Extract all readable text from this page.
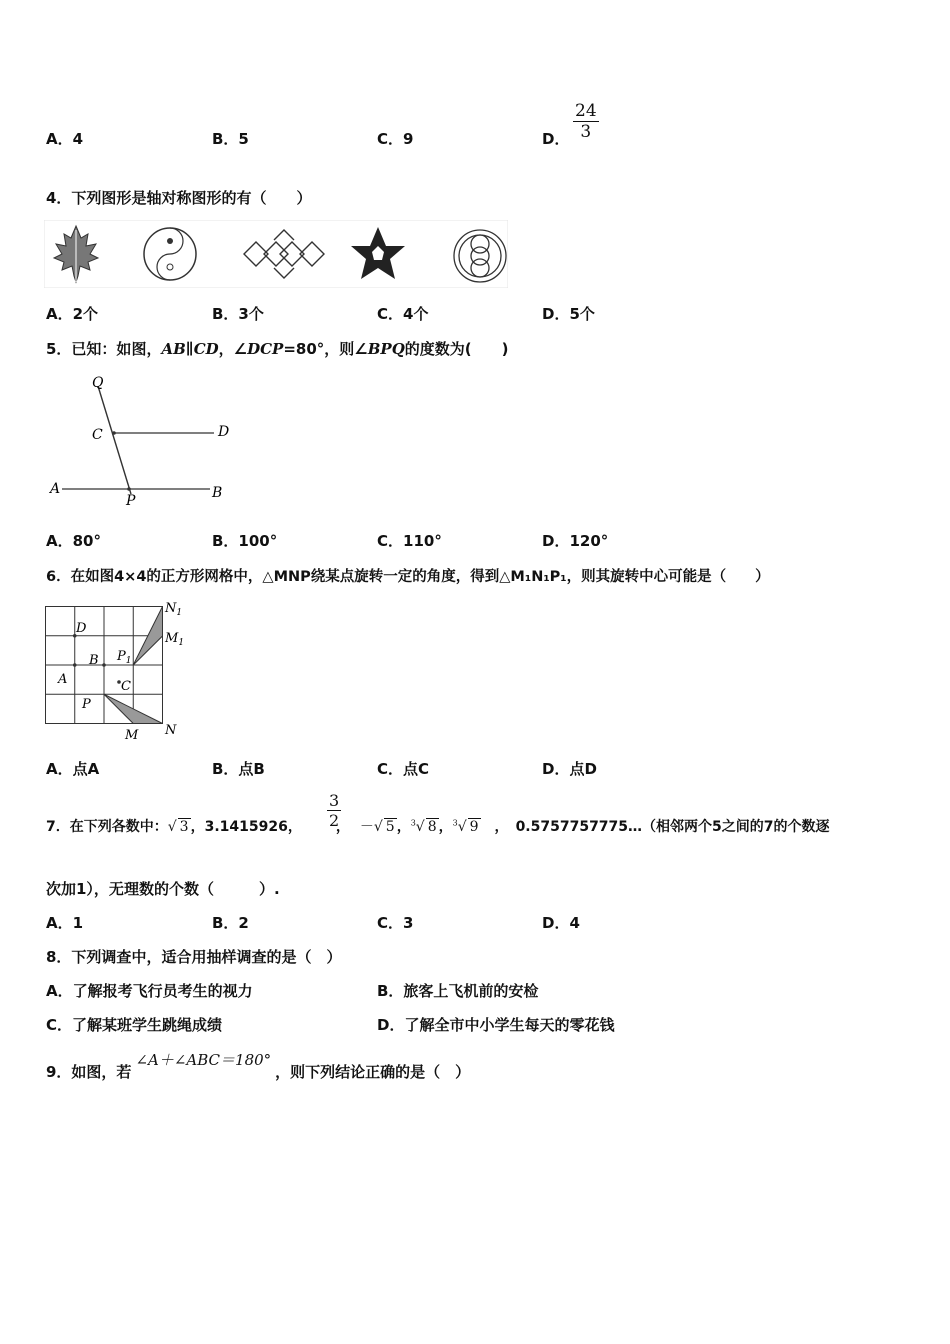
A．4	B．5	C．9	D． $\frac{24}{3}$
4．下列图形是轴对称图形的有（　　）
A．2个	B．3个	C．4个	D．5个
5．已知：如图，AB∥CD，∠DCP=80°，则∠BPQ的度数为(　　)
Q
C	D
A
P	B
A．80°	B．100°	C．110°	D．120°
6．在如图4×4的正方形网格中，△MNP绕某点旋转一定的角度，得到△M₁N₁P₁，则其旋转中心可能是（　　）
$N_1$
$M_1$
D
B $P_1$
A	C
P
M N
A．点A	B．点B	C．点C	D．点D
7．在下列各数中：√ 3 ，3.1415926， ， －√ 5 ，$^3$√ 8 ，$^3$√ 9　，　0.5757757775…（相邻两个5之间的7的个数逐
$\frac{3}{2}$
次加1），无理数的个数（　　　）.
A．1	B．2	C．3	D．4
8．下列调查中，适合用抽样调查的是（　）
A．了解报考飞行员考生的视力	B．旅客上飞机前的安检
C．了解某班学生跳绳成绩	D．了解全市中小学生每天的零花钱
9．如图，若∠A＋∠ABC＝180°，则下列结论正确的是（　）
